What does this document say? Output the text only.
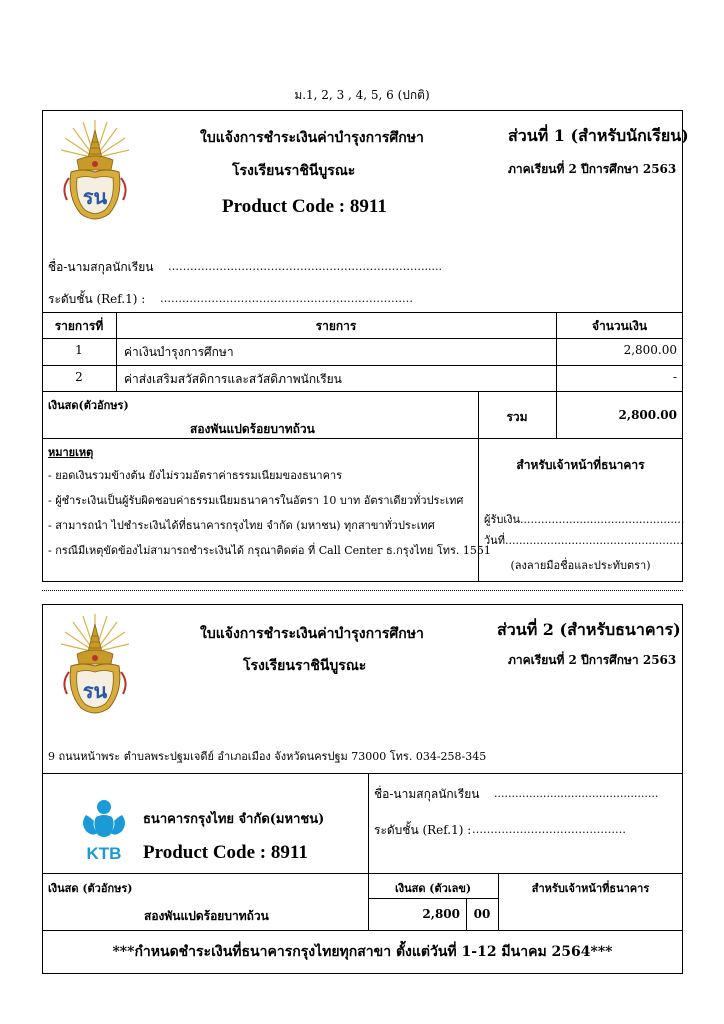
ม.1, 2, 3 , 4, 5, 6 (ปกติ)
ใบแจ้งการชำระเงินค่าบำรุงการศึกษา
โรงเรียนราชินีบูรณะ
ส่วนที่ 1 (สำหรับนักเรียน)
ภาคเรียนที่ 2 ปีการศึกษา 2563
Product Code : 8911
ชื่อ-นามสกุลนักเรียน ……………………………………………………………......
ระดับชั้น (Ref.1) : ……………………………………………………………
รายการที่	รายการ	จำนวนเงิน
1	ค่าเงินบำรุงการศึกษา	2,800.00
2	ค่าส่งเสริมสวัสดิการและสวัสดิภาพนักเรียน	-
เงินสด(ตัวอักษร)
สองพันแปดร้อยบาทถ้วน
รวม	2,800.00
หมายเหตุ
- ยอดเงินรวมข้างต้น ยังไม่รวมอัตราค่าธรรมเนียมของธนาคาร
- ผู้ชำระเงินเป็นผู้รับผิดชอบค่าธรรมเนียมธนาคารในอัตรา 10 บาท อัตราเดียวทั่วประเทศ
- สามารถนำ ไปชำระเงินได้ที่ธนาคารกรุงไทย จำกัด (มหาชน) ทุกสาขาทั่วประเทศ
- กรณีมีเหตุขัดข้องไม่สามารถชำระเงินได้ กรุณาติดต่อ ที่ Call Center ธ.กรุงไทย โทร. 1551
สำหรับเจ้าหน้าที่ธนาคาร
ผู้รับเงิน...............................................
วันที่...................................................
(ลงลายมือชื่อและประทับตรา)
ใบแจ้งการชำระเงินค่าบำรุงการศึกษา
โรงเรียนราชินีบูรณะ
ส่วนที่ 2 (สำหรับธนาคาร)
ภาคเรียนที่ 2 ปีการศึกษา 2563
9 ถนนหน้าพระ ตำบลพระปฐมเจดีย์ อำเภอเมือง จังหวัดนครปฐม 73000 โทร. 034-258-345
KTB
ธนาคารกรุงไทย จำกัด(มหาชน)
Product Code : 8911
ชื่อ-นามสกุลนักเรียน ...............................................
ระดับชั้น (Ref.1) : ……………………………………
เงินสด (ตัวอักษร)
สองพันแปดร้อยบาทถ้วน
เงินสด (ตัวเลข)
2,800	00
สำหรับเจ้าหน้าที่ธนาคาร
***กำหนดชำระเงินที่ธนาคารกรุงไทยทุกสาขา ตั้งแต่วันที่ 1-12 มีนาคม 2564***
